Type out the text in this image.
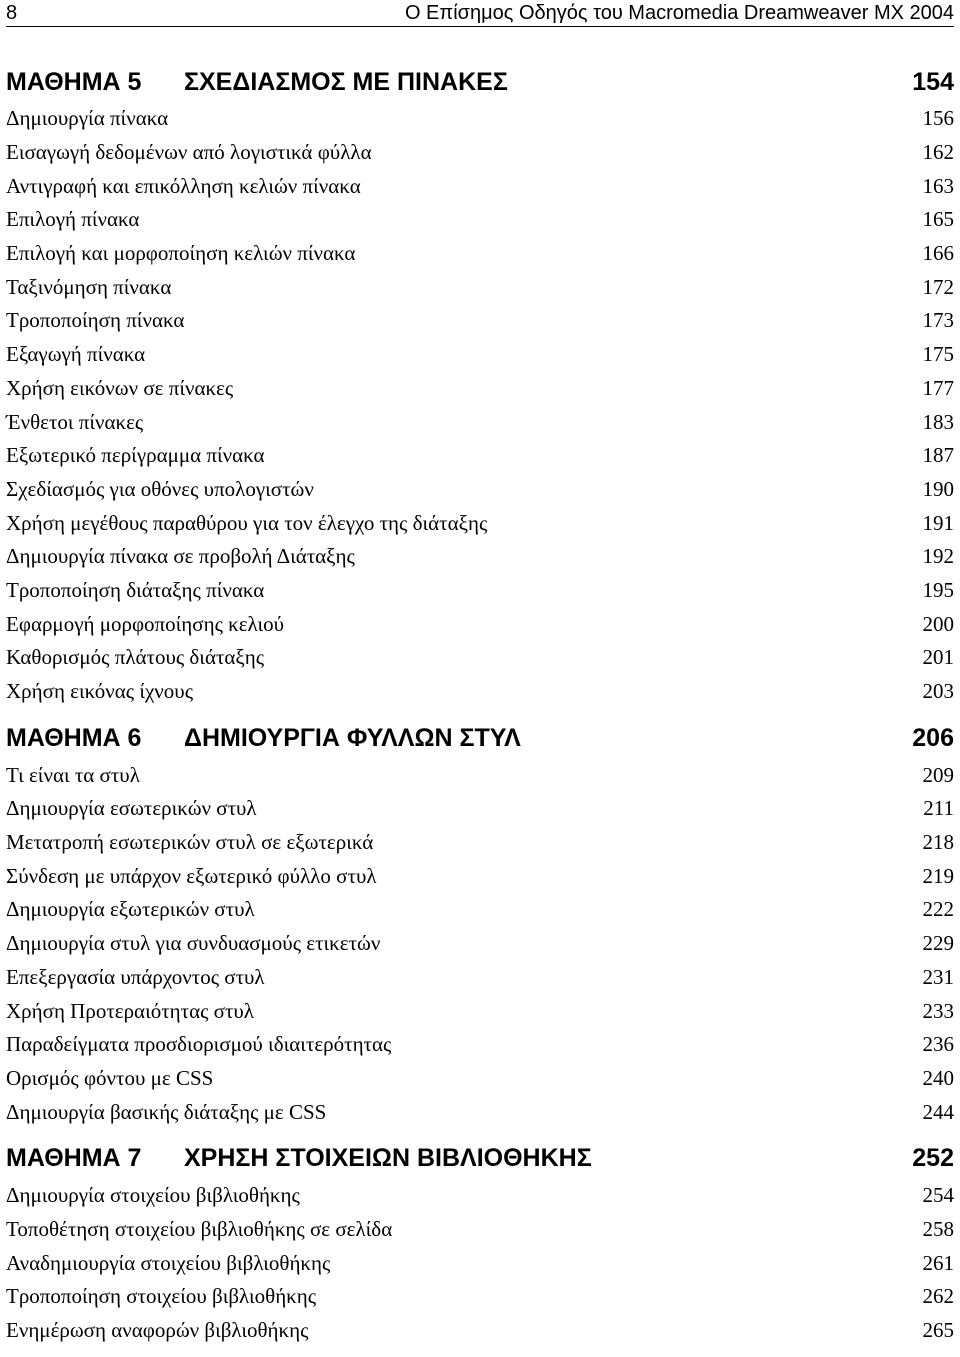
8	Ο Επίσημος Οδηγός του Macromedia Dreamweaver MX 2004
ΜΑΘΗΜΑ 5	ΣΧΕΔΙΑΣΜΟΣ ΜΕ ΠΙΝΑΚΕΣ	154
Δημιουργία πίνακα	156
Εισαγωγή δεδομένων από λογιστικά φύλλα	162
Αντιγραφή και επικόλληση κελιών πίνακα	163
Επιλογή πίνακα	165
Επιλογή και μορφοποίηση κελιών πίνακα	166
Ταξινόμηση πίνακα	172
Τροποποίηση πίνακα	173
Εξαγωγή πίνακα	175
Χρήση εικόνων σε πίνακες	177
Ένθετοι πίνακες	183
Εξωτερικό περίγραμμα πίνακα	187
Σχεδίασμός για οθόνες υπολογιστών	190
Χρήση μεγέθους παραθύρου για τον έλεγχο της διάταξης	191
Δημιουργία πίνακα σε προβολή Διάταξης	192
Τροποποίηση διάταξης πίνακα	195
Εφαρμογή μορφοποίησης κελιού	200
Καθορισμός πλάτους διάταξης	201
Χρήση εικόνας ίχνους	203
ΜΑΘΗΜΑ 6	ΔΗΜΙΟΥΡΓΙΑ ΦΥΛΛΩΝ ΣΤΥΛ	206
Τι είναι τα στυλ	209
Δημιουργία εσωτερικών στυλ	211
Μετατροπή εσωτερικών στυλ σε εξωτερικά	218
Σύνδεση με υπάρχον εξωτερικό φύλλο στυλ	219
Δημιουργία εξωτερικών στυλ	222
Δημιουργία στυλ για συνδυασμούς ετικετών	229
Επεξεργασία υπάρχοντος στυλ	231
Χρήση Προτεραιότητας στυλ	233
Παραδείγματα προσδιορισμού ιδιαιτερότητας	236
Ορισμός φόντου με CSS	240
Δημιουργία βασικής διάταξης με CSS	244
ΜΑΘΗΜΑ 7	ΧΡΗΣΗ ΣΤΟΙΧΕΙΩΝ ΒΙΒΛΙΟΘΗΚΗΣ	252
Δημιουργία στοιχείου βιβλιοθήκης	254
Τοποθέτηση στοιχείου βιβλιοθήκης σε σελίδα	258
Αναδημιουργία στοιχείου βιβλιοθήκης	261
Τροποποίηση στοιχείου βιβλιοθήκης	262
Ενημέρωση αναφορών βιβλιοθήκης	265
